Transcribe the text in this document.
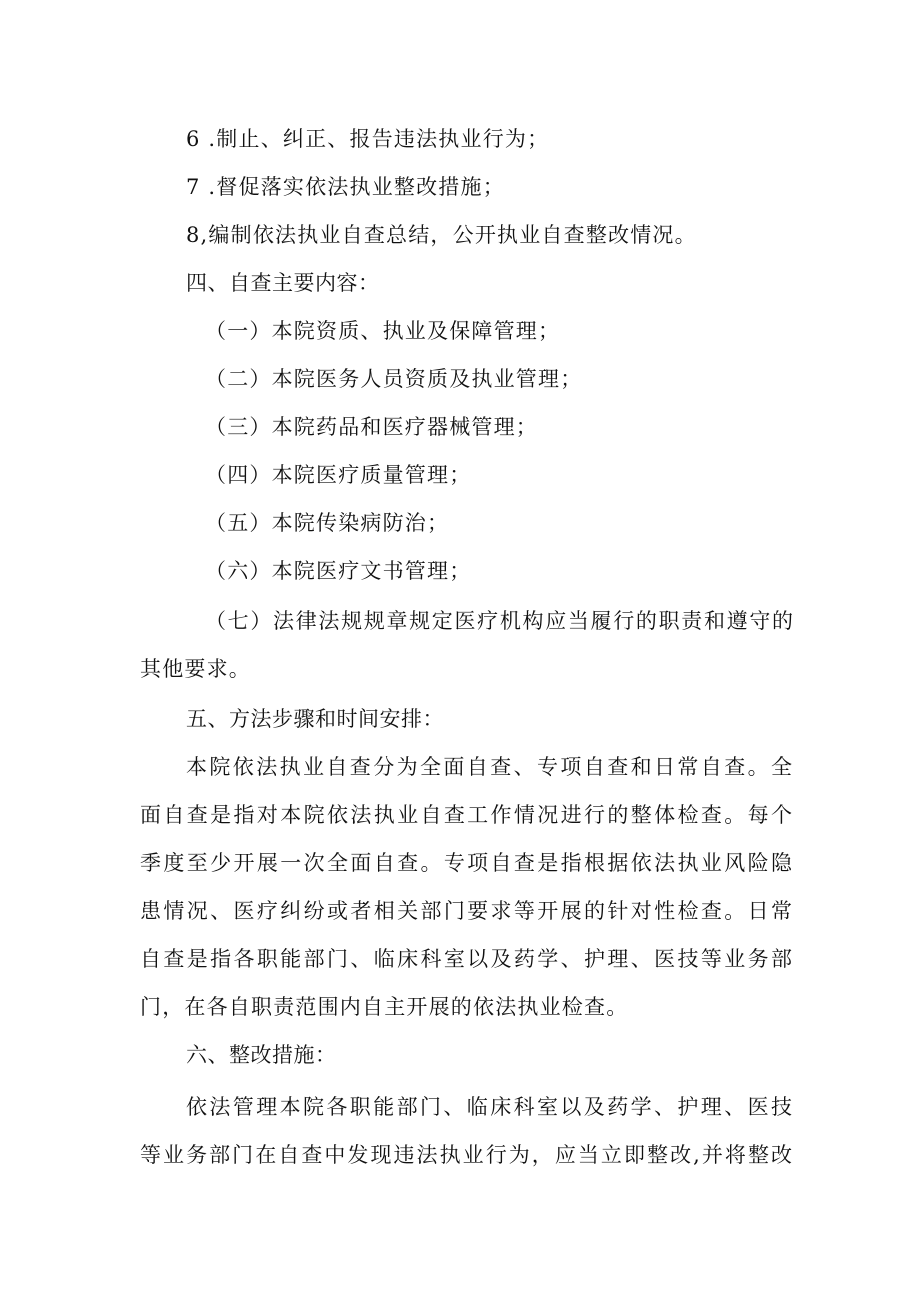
6 .制止、纠正、报告违法执业行为；
7 .督促落实依法执业整改措施；
8,编制依法执业自查总结，公开执业自查整改情况。
四、自查主要内容：
（一）本院资质、执业及保障管理；
（二）本院医务人员资质及执业管理；
（三）本院药品和医疗器械管理；
（四）本院医疗质量管理；
（五）本院传染病防治；
（六）本院医疗文书管理；
（七）法律法规规章规定医疗机构应当履行的职责和遵守的
其他要求。
五、方法步骤和时间安排：
本院依法执业自查分为全面自查、专项自查和日常自查。全
面自查是指对本院依法执业自查工作情况进行的整体检查。每个
季度至少开展一次全面自查。专项自查是指根据依法执业风险隐
患情况、医疗纠纷或者相关部门要求等开展的针对性检查。日常
自查是指各职能部门、临床科室以及药学、护理、医技等业务部
门，在各自职责范围内自主开展的依法执业检查。
六、整改措施：
依法管理本院各职能部门、临床科室以及药学、护理、医技
等业务部门在自查中发现违法执业行为，应当立即整改,并将整改
